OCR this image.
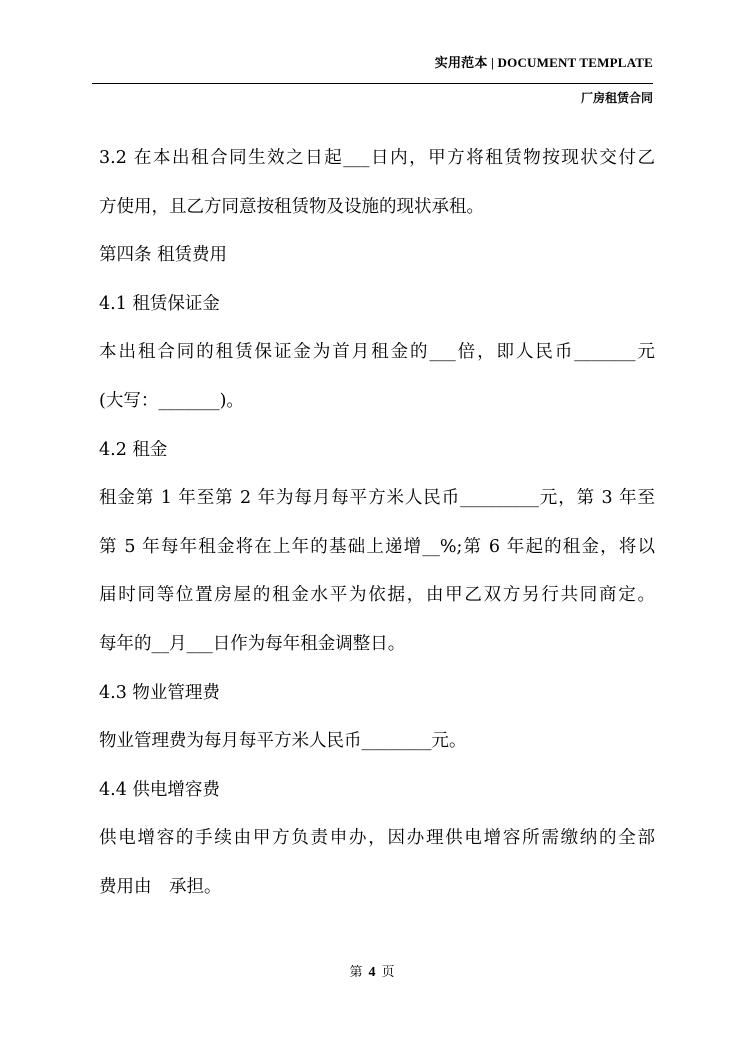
实用范本 | DOCUMENT TEMPLATE
厂房租赁合同
3.2 在本出租合同生效之日起___日内，甲方将租赁物按现状交付乙
方使用，且乙方同意按租赁物及设施的现状承租。
第四条 租赁费用
4.1 租赁保证金
本出租合同的租赁保证金为首月租金的___倍，即人民币_______元
(大写：_______)。
4.2 租金
租金第 1 年至第 2 年为每月每平方米人民币_________元，第 3 年至
第 5 年每年租金将在上年的基础上递增__%;第 6 年起的租金，将以
届时同等位置房屋的租金水平为依据，由甲乙双方另行共同商定。
每年的__月___日作为每年租金调整日。
4.3 物业管理费
物业管理费为每月每平方米人民币________元。
4.4 供电增容费
供电增容的手续由甲方负责申办，因办理供电增容所需缴纳的全部
费用由　承担。
第 4 页
